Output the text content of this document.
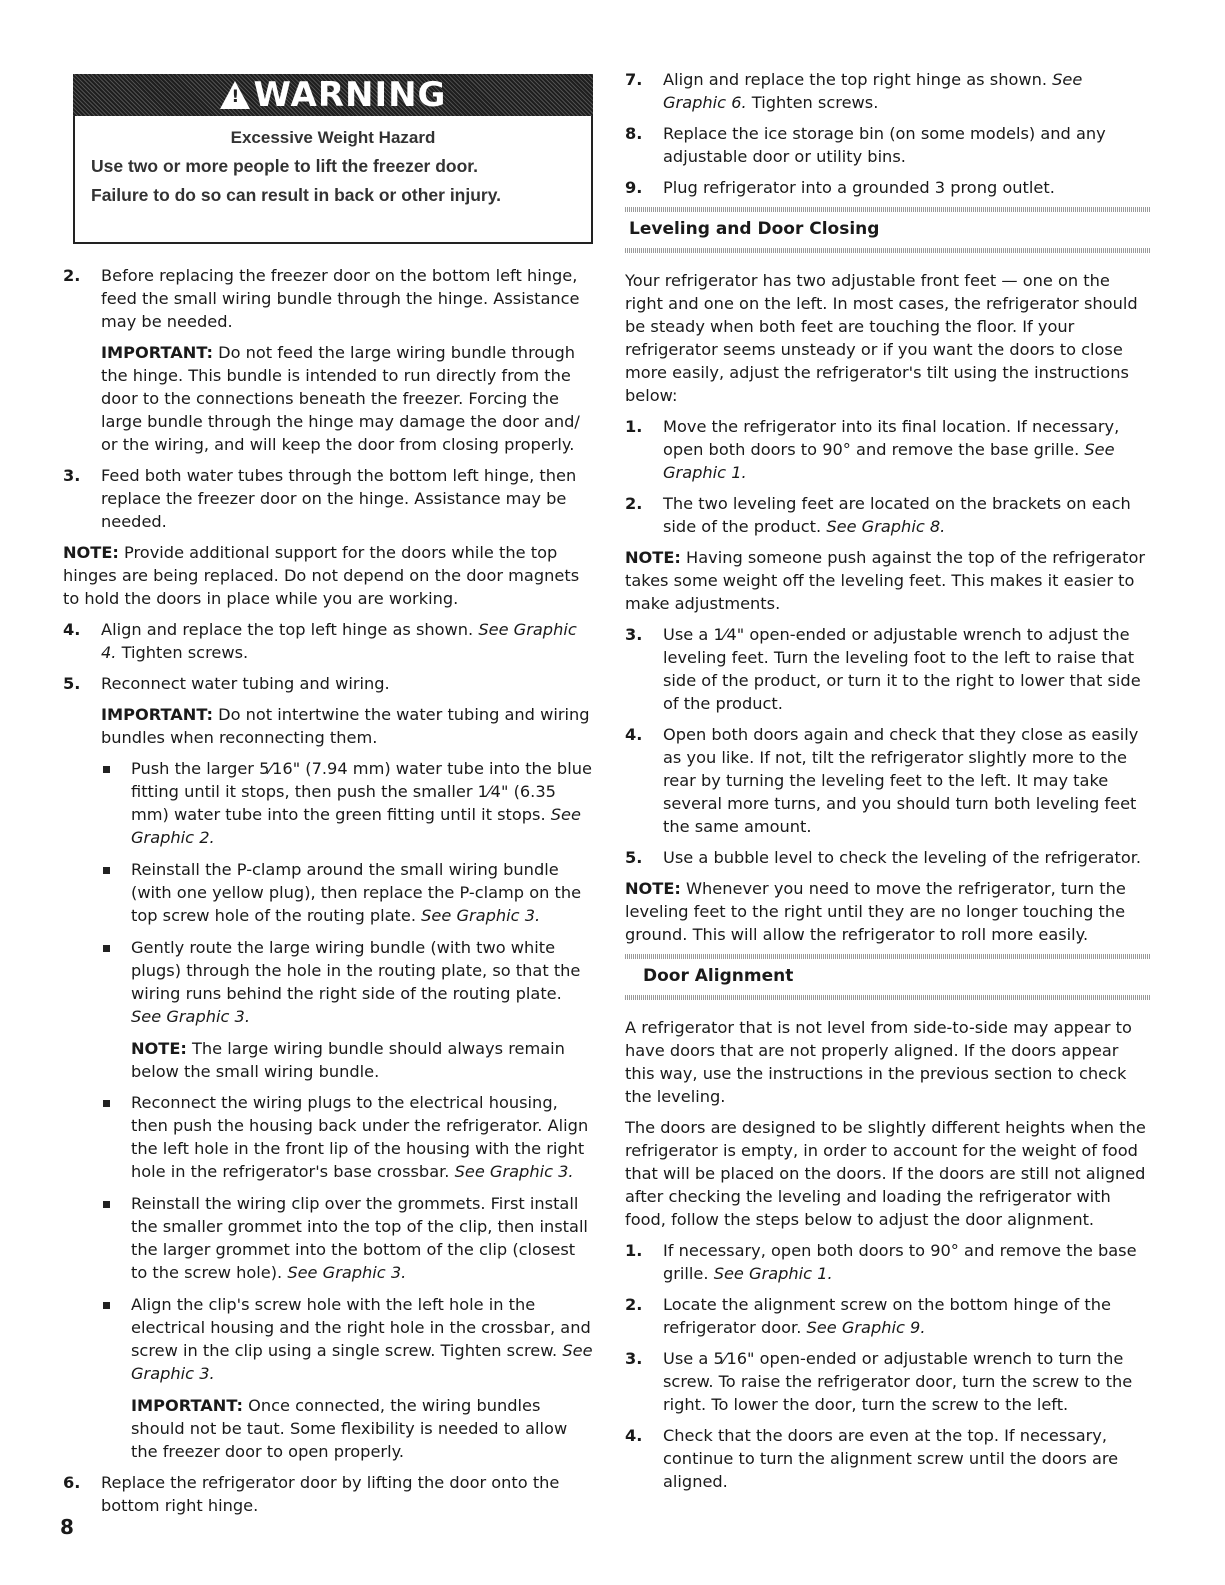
! WARNING
Excessive Weight Hazard
Use two or more people to lift the freezer door.
Failure to do so can result in back or other injury.
2.	Before replacing the freezer door on the bottom left hinge, feed the small wiring bundle through the hinge. Assistance may be needed.
IMPORTANT: Do not feed the large wiring bundle through the hinge. This bundle is intended to run directly from the door to the connections beneath the freezer. Forcing the large bundle through the hinge may damage the door and/ or the wiring, and will keep the door from closing properly.
3.	Feed both water tubes through the bottom left hinge, then replace the freezer door on the hinge. Assistance may be needed.
NOTE: Provide additional support for the doors while the top hinges are being replaced. Do not depend on the door magnets to hold the doors in place while you are working.
4.	Align and replace the top left hinge as shown. See Graphic 4. Tighten screws.
5.	Reconnect water tubing and wiring.
IMPORTANT: Do not intertwine the water tubing and wiring bundles when reconnecting them.
Push the larger 5⁄16" (7.94 mm) water tube into the blue fitting until it stops, then push the smaller 1⁄4" (6.35 mm) water tube into the green fitting until it stops. See Graphic 2.
Reinstall the P-clamp around the small wiring bundle (with one yellow plug), then replace the P-clamp on the top screw hole of the routing plate. See Graphic 3.
Gently route the large wiring bundle (with two white plugs) through the hole in the routing plate, so that the wiring runs behind the right side of the routing plate. See Graphic 3.
NOTE: The large wiring bundle should always remain below the small wiring bundle.
Reconnect the wiring plugs to the electrical housing, then push the housing back under the refrigerator. Align the left hole in the front lip of the housing with the right hole in the refrigerator's base crossbar. See Graphic 3.
Reinstall the wiring clip over the grommets. First install the smaller grommet into the top of the clip, then install the larger grommet into the bottom of the clip (closest to the screw hole). See Graphic 3.
Align the clip's screw hole with the left hole in the electrical housing and the right hole in the crossbar, and screw in the clip using a single screw. Tighten screw. See Graphic 3.
IMPORTANT: Once connected, the wiring bundles should not be taut. Some flexibility is needed to allow the freezer door to open properly.
6.	Replace the refrigerator door by lifting the door onto the bottom right hinge.
7.	Align and replace the top right hinge as shown. See Graphic 6. Tighten screws.
8.	Replace the ice storage bin (on some models) and any adjustable door or utility bins.
9.	Plug refrigerator into a grounded 3 prong outlet.
Leveling and Door Closing
Your refrigerator has two adjustable front feet — one on the right and one on the left. In most cases, the refrigerator should be steady when both feet are touching the floor. If your refrigerator seems unsteady or if you want the doors to close more easily, adjust the refrigerator's tilt using the instructions below:
1.	Move the refrigerator into its final location. If necessary, open both doors to 90° and remove the base grille. See Graphic 1.
2.	The two leveling feet are located on the brackets on each side of the product. See Graphic 8.
NOTE: Having someone push against the top of the refrigerator takes some weight off the leveling feet. This makes it easier to make adjustments.
3.	Use a 1⁄4" open-ended or adjustable wrench to adjust the leveling feet. Turn the leveling foot to the left to raise that side of the product, or turn it to the right to lower that side of the product.
4.	Open both doors again and check that they close as easily as you like. If not, tilt the refrigerator slightly more to the rear by turning the leveling feet to the left. It may take several more turns, and you should turn both leveling feet the same amount.
5.	Use a bubble level to check the leveling of the refrigerator.
NOTE: Whenever you need to move the refrigerator, turn the leveling feet to the right until they are no longer touching the ground. This will allow the refrigerator to roll more easily.
Door Alignment
A refrigerator that is not level from side-to-side may appear to have doors that are not properly aligned. If the doors appear this way, use the instructions in the previous section to check the leveling.
The doors are designed to be slightly different heights when the refrigerator is empty, in order to account for the weight of food that will be placed on the doors. If the doors are still not aligned after checking the leveling and loading the refrigerator with food, follow the steps below to adjust the door alignment.
1.	If necessary, open both doors to 90° and remove the base grille. See Graphic 1.
2.	Locate the alignment screw on the bottom hinge of the refrigerator door. See Graphic 9.
3.	Use a 5⁄16" open-ended or adjustable wrench to turn the screw. To raise the refrigerator door, turn the screw to the right. To lower the door, turn the screw to the left.
4.	Check that the doors are even at the top. If necessary, continue to turn the alignment screw until the doors are aligned.
8
